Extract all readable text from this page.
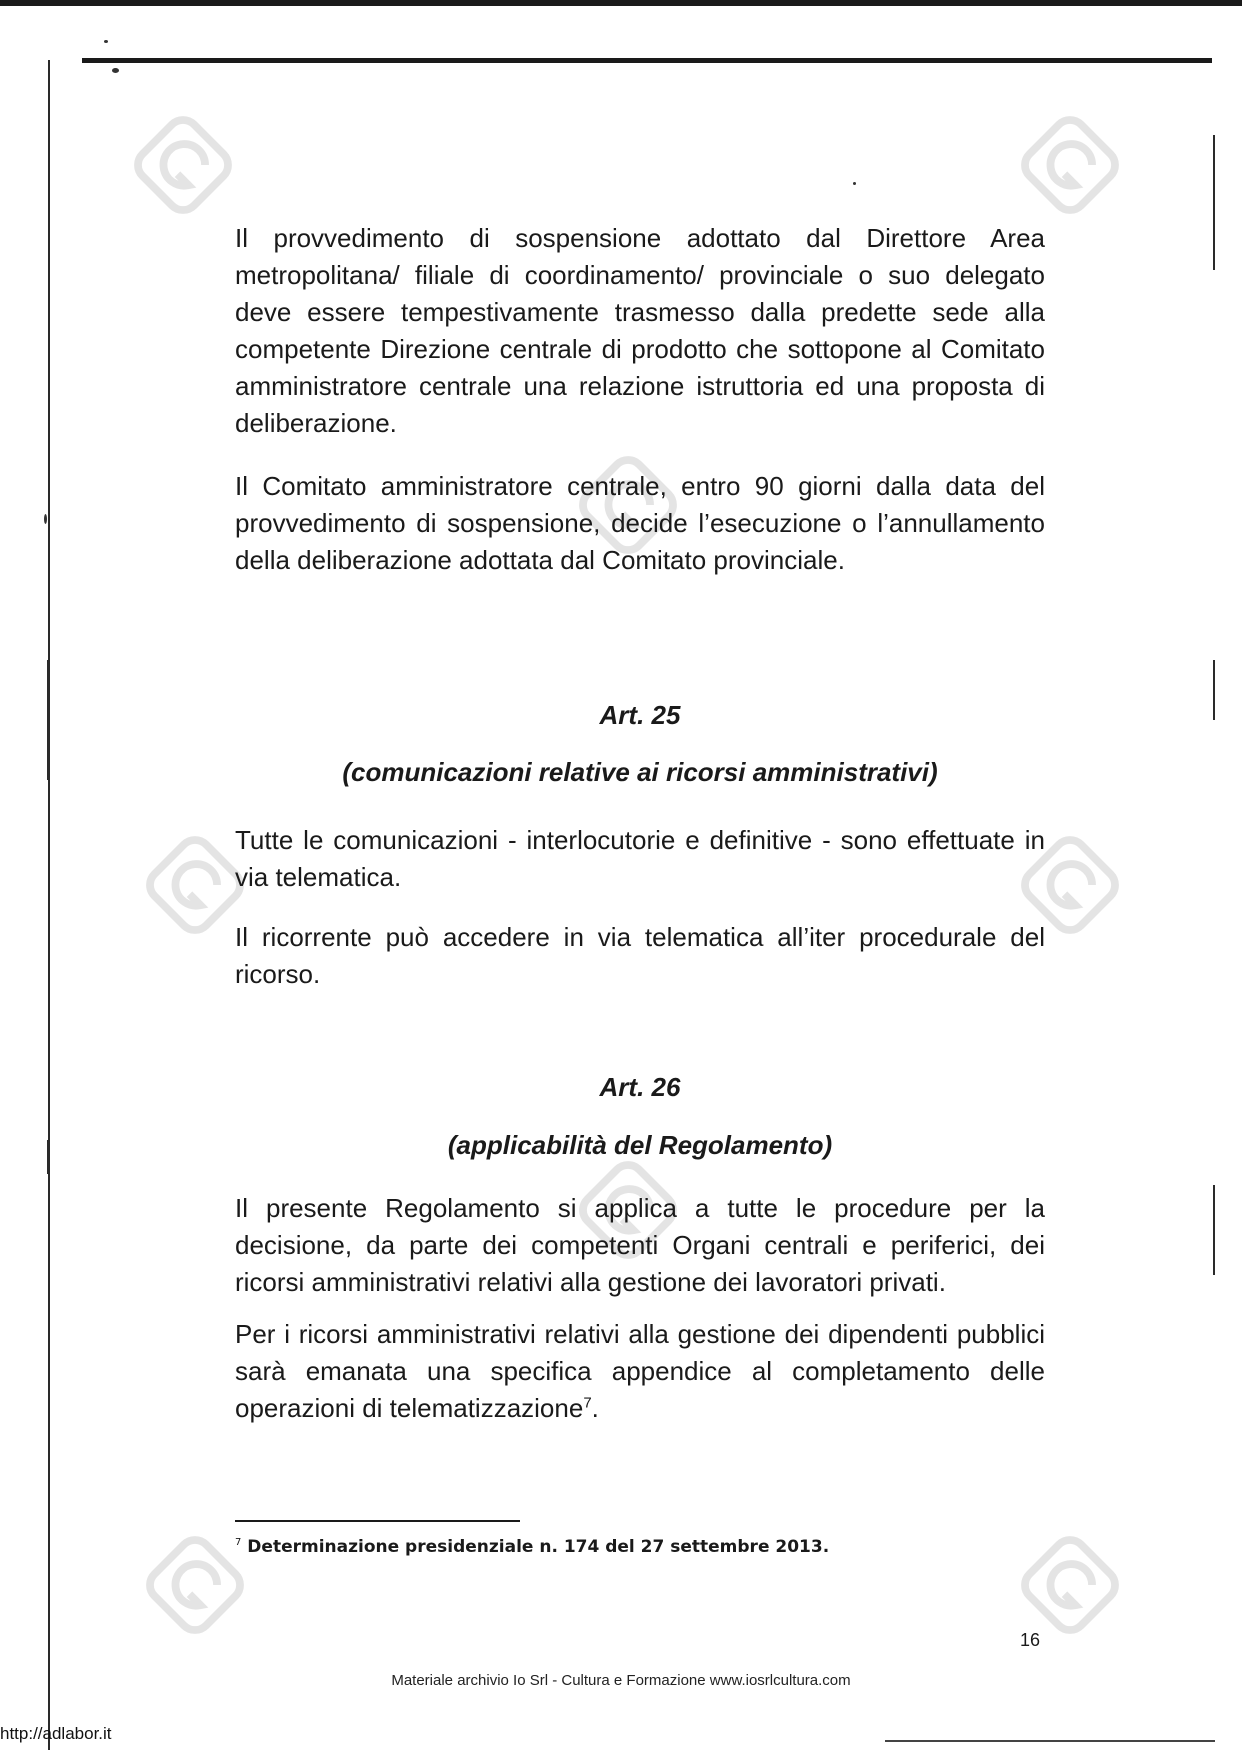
Il provvedimento di sospensione adottato dal Direttore Area metropolitana/ filiale di coordinamento/ provinciale o suo delegato deve essere tempestivamente trasmesso dalla predette sede alla competente Direzione centrale di prodotto che sottopone al Comitato amministratore centrale una relazione istruttoria ed una proposta di deliberazione.

Il Comitato amministratore centrale, entro 90 giorni dalla data del provvedimento di sospensione, decide l’esecuzione o l’annullamento della deliberazione adottata dal Comitato provinciale.

Art. 25
(comunicazioni relative ai ricorsi amministrativi)

Tutte le comunicazioni - interlocutorie e definitive - sono effettuate in via telematica.

Il ricorrente può accedere in via telematica all’iter procedurale del ricorso.

Art. 26
(applicabilità del Regolamento)

Il presente Regolamento si applica a tutte le procedure per la decisione, da parte dei competenti Organi centrali e periferici, dei ricorsi amministrativi relativi alla gestione dei lavoratori privati.

Per i ricorsi amministrativi relativi alla gestione dei dipendenti pubblici sarà emanata una specifica appendice al completamento delle operazioni di telematizzazione$^7$.

$^7$ Determinazione presidenziale n. 174 del 27 settembre 2013.
16
Materiale archivio Io Srl - Cultura e Formazione www.iosrlcultura.com
http://adlabor.it
